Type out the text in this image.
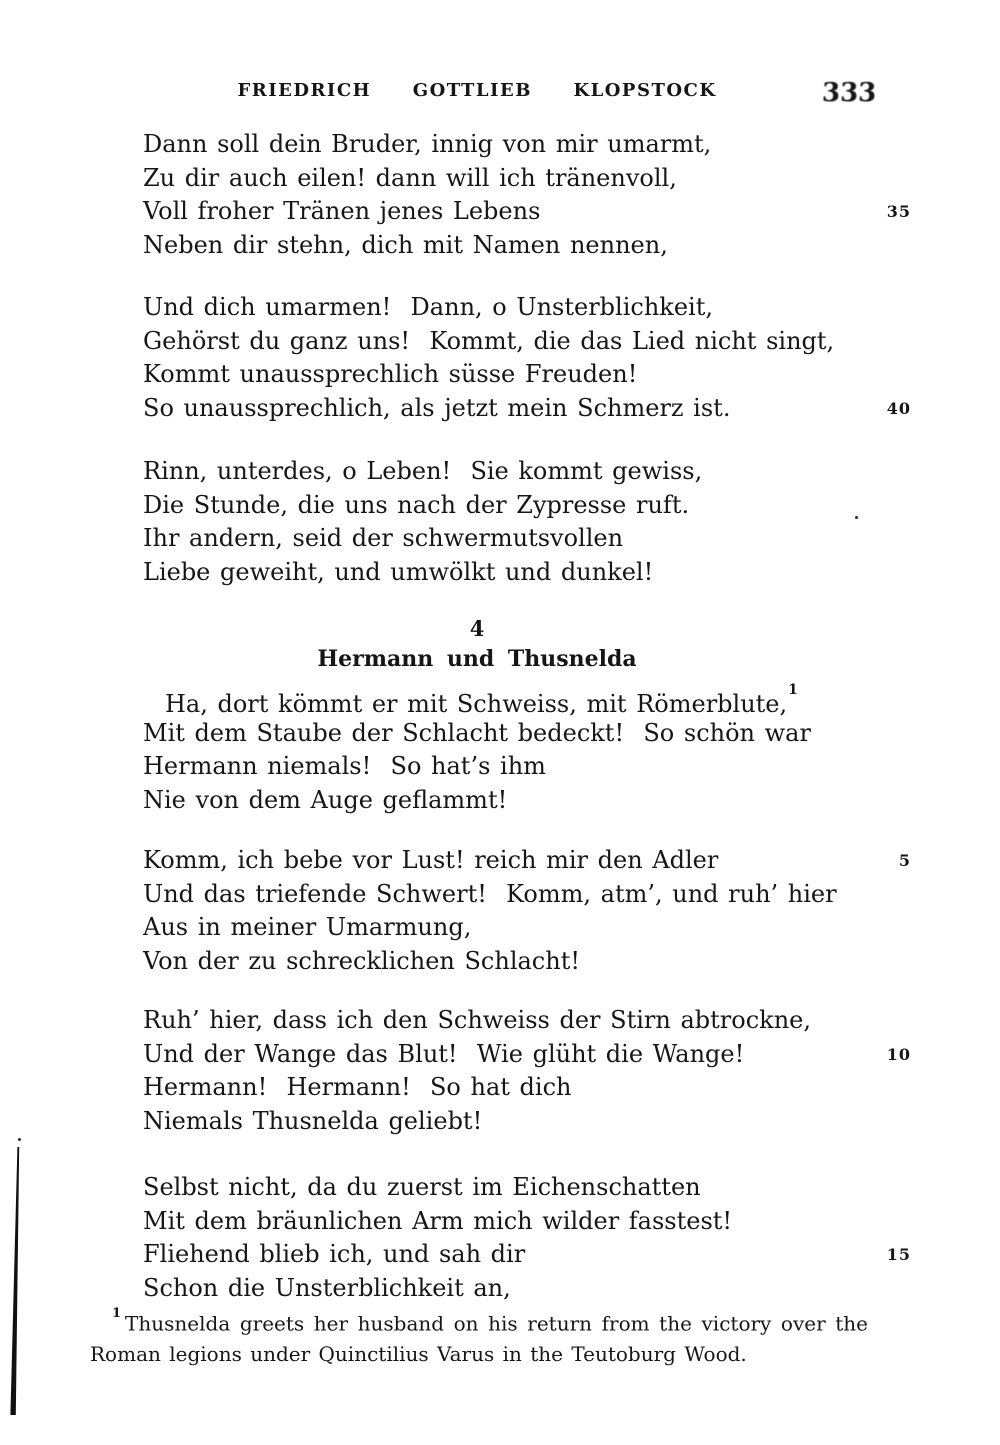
FRIEDRICH  GOTTLIEB  KLOPSTOCK	333
Dann soll dein Bruder, innig von mir umarmt,
Zu dir auch eilen! dann will ich tränenvoll,
Voll froher Tränen jenes Lebens	35
Neben dir stehn, dich mit Namen nennen,
Und dich umarmen!  Dann, o Unsterblichkeit,
Gehörst du ganz uns!  Kommt, die das Lied nicht singt,
Kommt unaussprechlich süsse Freuden!
So unaussprechlich, als jetzt mein Schmerz ist.	40
Rinn, unterdes, o Leben!  Sie kommt gewiss,
Die Stunde, die uns nach der Zypresse ruft.
Ihr andern, seid der schwermutsvollen
Liebe geweiht, und umwölkt und dunkel!
4
Hermann und Thusnelda
Ha, dort kömmt er mit Schweiss, mit Römerblute,$^1$
Mit dem Staube der Schlacht bedeckt!  So schön war
Hermann niemals!  So hat’s ihm
Nie von dem Auge geflammt!
Komm, ich bebe vor Lust! reich mir den Adler	5
Und das triefende Schwert!  Komm, atm’, und ruh’ hier
Aus in meiner Umarmung,
Von der zu schrecklichen Schlacht!
Ruh’ hier, dass ich den Schweiss der Stirn abtrockne,
Und der Wange das Blut!  Wie glüht die Wange!	10
Hermann!  Hermann!  So hat dich
Niemals Thusnelda geliebt!
Selbst nicht, da du zuerst im Eichenschatten
Mit dem bräunlichen Arm mich wilder fasstest!
Fliehend blieb ich, und sah dir	15
Schon die Unsterblichkeit an,

$^1$ Thusnelda greets her husband on his return from the victory over the Roman legions under Quinctilius Varus in the Teutoburg Wood.
